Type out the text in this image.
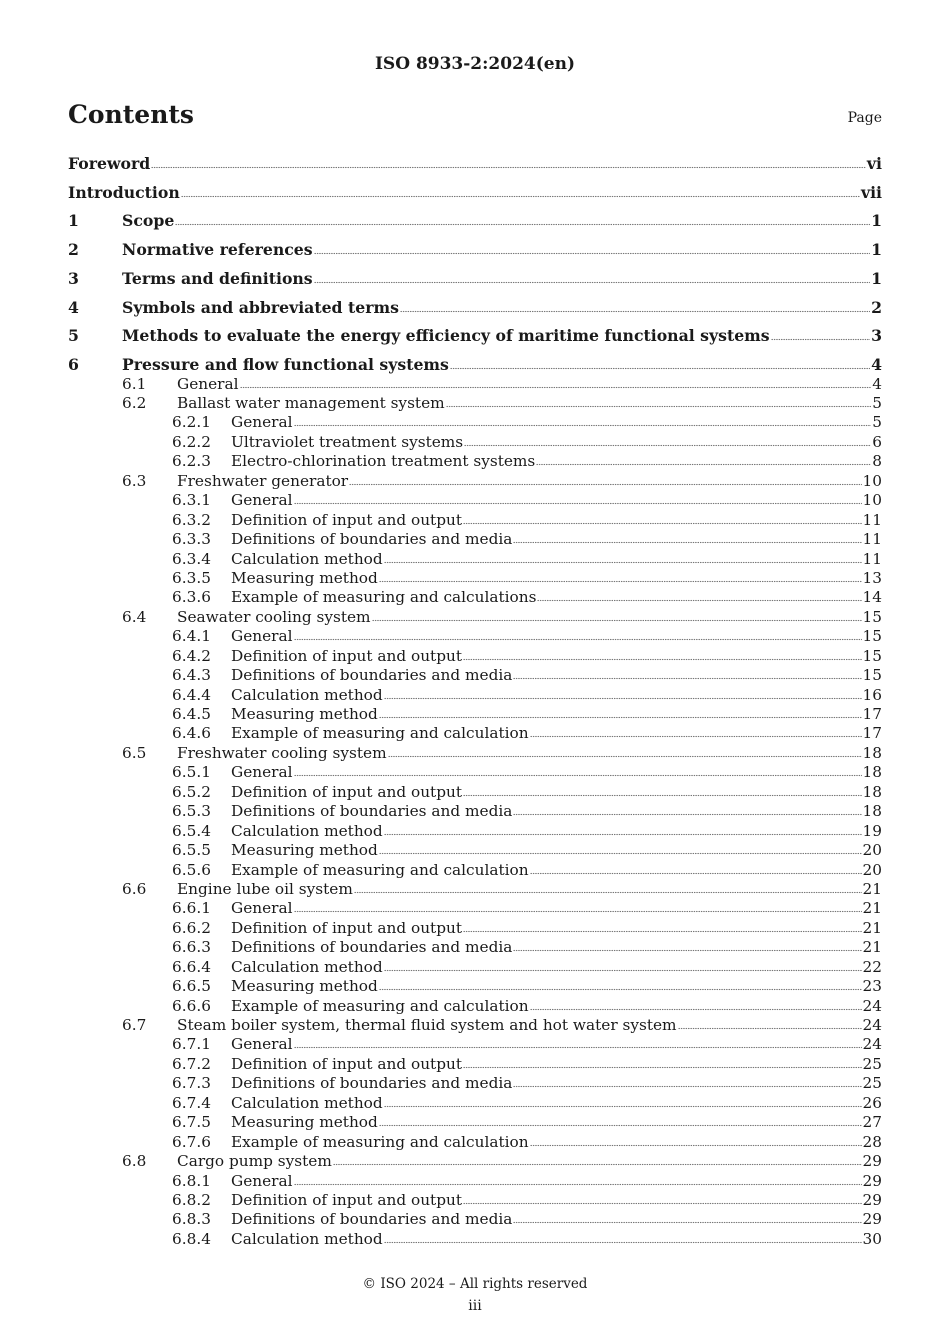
ISO 8933-2:2024(en)
Contents	Page
Foreword	vi
Introduction	vii
1	Scope	1
2	Normative references	1
3	Terms and definitions	1
4	Symbols and abbreviated terms	2
5	Methods to evaluate the energy efficiency of maritime functional systems	3
6	Pressure and flow functional systems	4
6.1	General	4
6.2	Ballast water management system	5
6.2.1	General	5
6.2.2	Ultraviolet treatment systems	6
6.2.3	Electro-chlorination treatment systems	8
6.3	Freshwater generator	10
6.3.1	General	10
6.3.2	Definition of input and output	11
6.3.3	Definitions of boundaries and media	11
6.3.4	Calculation method	11
6.3.5	Measuring method	13
6.3.6	Example of measuring and calculations	14
6.4	Seawater cooling system	15
6.4.1	General	15
6.4.2	Definition of input and output	15
6.4.3	Definitions of boundaries and media	15
6.4.4	Calculation method	16
6.4.5	Measuring method	17
6.4.6	Example of measuring and calculation	17
6.5	Freshwater cooling system	18
6.5.1	General	18
6.5.2	Definition of input and output	18
6.5.3	Definitions of boundaries and media	18
6.5.4	Calculation method	19
6.5.5	Measuring method	20
6.5.6	Example of measuring and calculation	20
6.6	Engine lube oil system	21
6.6.1	General	21
6.6.2	Definition of input and output	21
6.6.3	Definitions of boundaries and media	21
6.6.4	Calculation method	22
6.6.5	Measuring method	23
6.6.6	Example of measuring and calculation	24
6.7	Steam boiler system, thermal fluid system and hot water system	24
6.7.1	General	24
6.7.2	Definition of input and output	25
6.7.3	Definitions of boundaries and media	25
6.7.4	Calculation method	26
6.7.5	Measuring method	27
6.7.6	Example of measuring and calculation	28
6.8	Cargo pump system	29
6.8.1	General	29
6.8.2	Definition of input and output	29
6.8.3	Definitions of boundaries and media	29
6.8.4	Calculation method	30
© ISO 2024 – All rights reserved
iii
